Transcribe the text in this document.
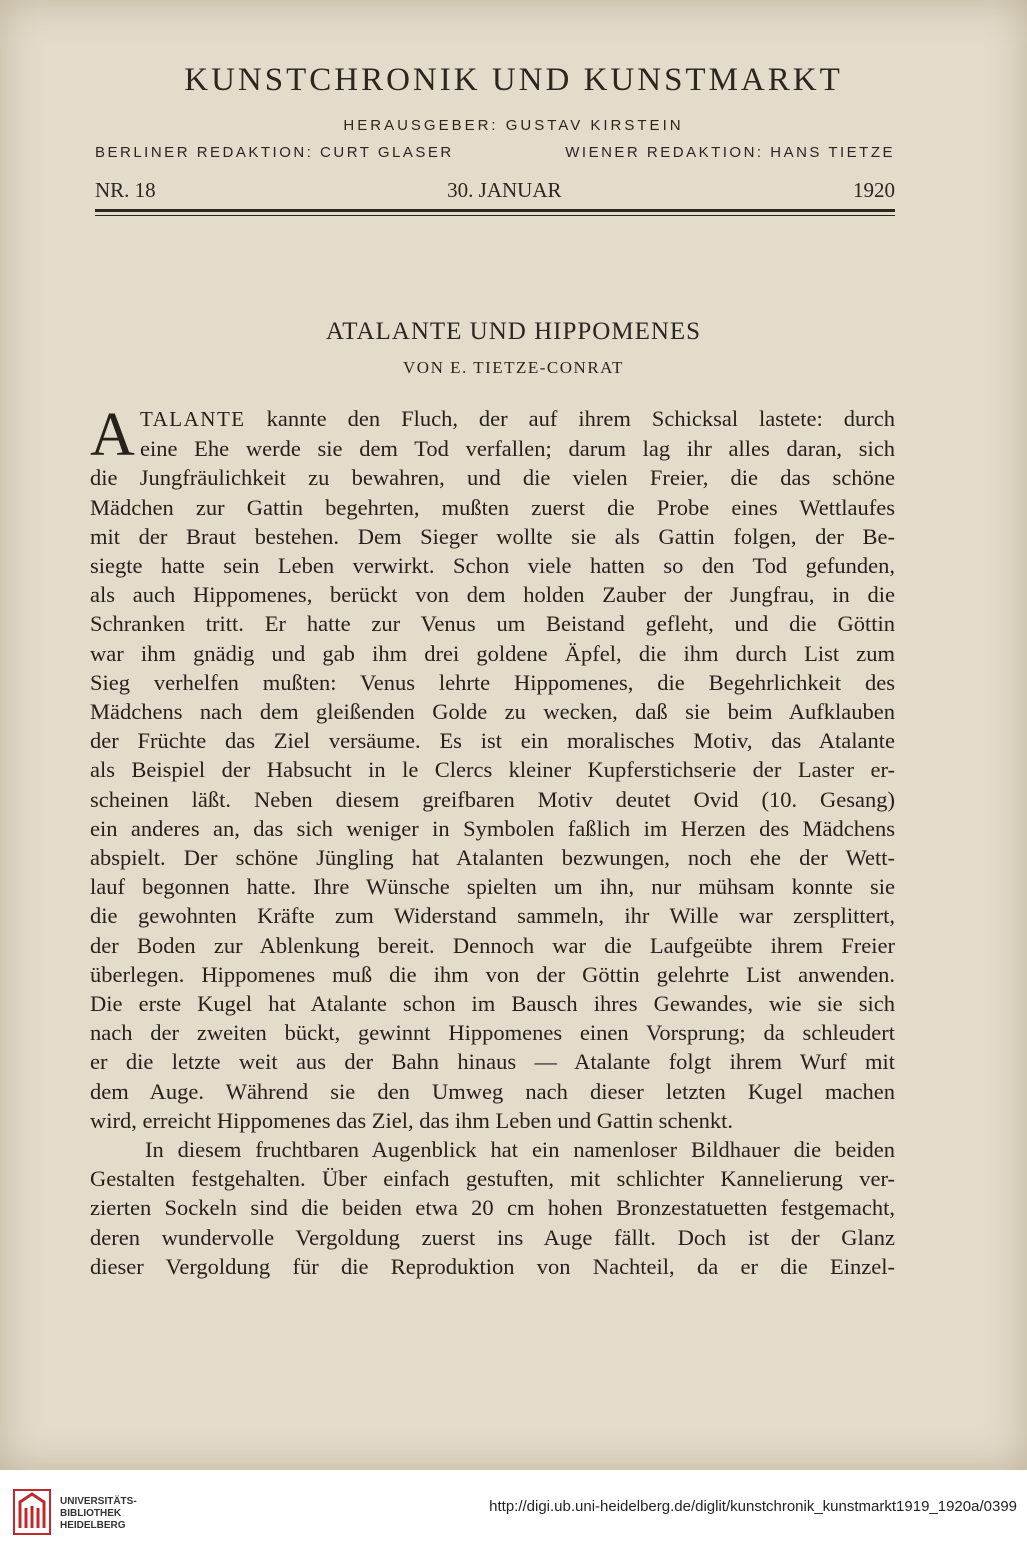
KUNSTCHRONIK UND KUNSTMARKT
HERAUSGEBER: GUSTAV KIRSTEIN
BERLINER REDAKTION: CURT GLASER	WIENER REDAKTION: HANS TIETZE
NR. 18	30. JANUAR	1920
ATALANTE UND HIPPOMENES
VON E. TIETZE-CONRAT
A TALANTE kannte den Fluch, der auf ihrem Schicksal lastete: durch
eine Ehe werde sie dem Tod verfallen; darum lag ihr alles daran, sich
die Jungfräulichkeit zu bewahren, und die vielen Freier, die das schöne
Mädchen zur Gattin begehrten, mußten zuerst die Probe eines Wettlaufes
mit der Braut bestehen. Dem Sieger wollte sie als Gattin folgen, der Be-
siegte hatte sein Leben verwirkt. Schon viele hatten so den Tod gefunden,
als auch Hippomenes, berückt von dem holden Zauber der Jungfrau, in die
Schranken tritt. Er hatte zur Venus um Beistand gefleht, und die Göttin
war ihm gnädig und gab ihm drei goldene Äpfel, die ihm durch List zum
Sieg verhelfen mußten: Venus lehrte Hippomenes, die Begehrlichkeit des
Mädchens nach dem gleißenden Golde zu wecken, daß sie beim Aufklauben
der Früchte das Ziel versäume. Es ist ein moralisches Motiv, das Atalante
als Beispiel der Habsucht in le Clercs kleiner Kupferstichserie der Laster er-
scheinen läßt. Neben diesem greifbaren Motiv deutet Ovid (10. Gesang)
ein anderes an, das sich weniger in Symbolen faßlich im Herzen des Mädchens
abspielt. Der schöne Jüngling hat Atalanten bezwungen, noch ehe der Wett-
lauf begonnen hatte. Ihre Wünsche spielten um ihn, nur mühsam konnte sie
die gewohnten Kräfte zum Widerstand sammeln, ihr Wille war zersplittert,
der Boden zur Ablenkung bereit. Dennoch war die Laufgeübte ihrem Freier
überlegen. Hippomenes muß die ihm von der Göttin gelehrte List anwenden.
Die erste Kugel hat Atalante schon im Bausch ihres Gewandes, wie sie sich
nach der zweiten bückt, gewinnt Hippomenes einen Vorsprung; da schleudert
er die letzte weit aus der Bahn hinaus — Atalante folgt ihrem Wurf mit
dem Auge. Während sie den Umweg nach dieser letzten Kugel machen
wird, erreicht Hippomenes das Ziel, das ihm Leben und Gattin schenkt.
In diesem fruchtbaren Augenblick hat ein namenloser Bildhauer die beiden
Gestalten festgehalten. Über einfach gestuften, mit schlichter Kannelierung ver-
zierten Sockeln sind die beiden etwa 20 cm hohen Bronzestatuetten festgemacht,
deren wundervolle Vergoldung zuerst ins Auge fällt. Doch ist der Glanz
dieser Vergoldung für die Reproduktion von Nachteil, da er die Einzel-
UNIVERSITÄTS-
BIBLIOTHEK
HEIDELBERG
http://digi.ub.uni-heidelberg.de/diglit/kunstchronik_kunstmarkt1919_1920a/0399
